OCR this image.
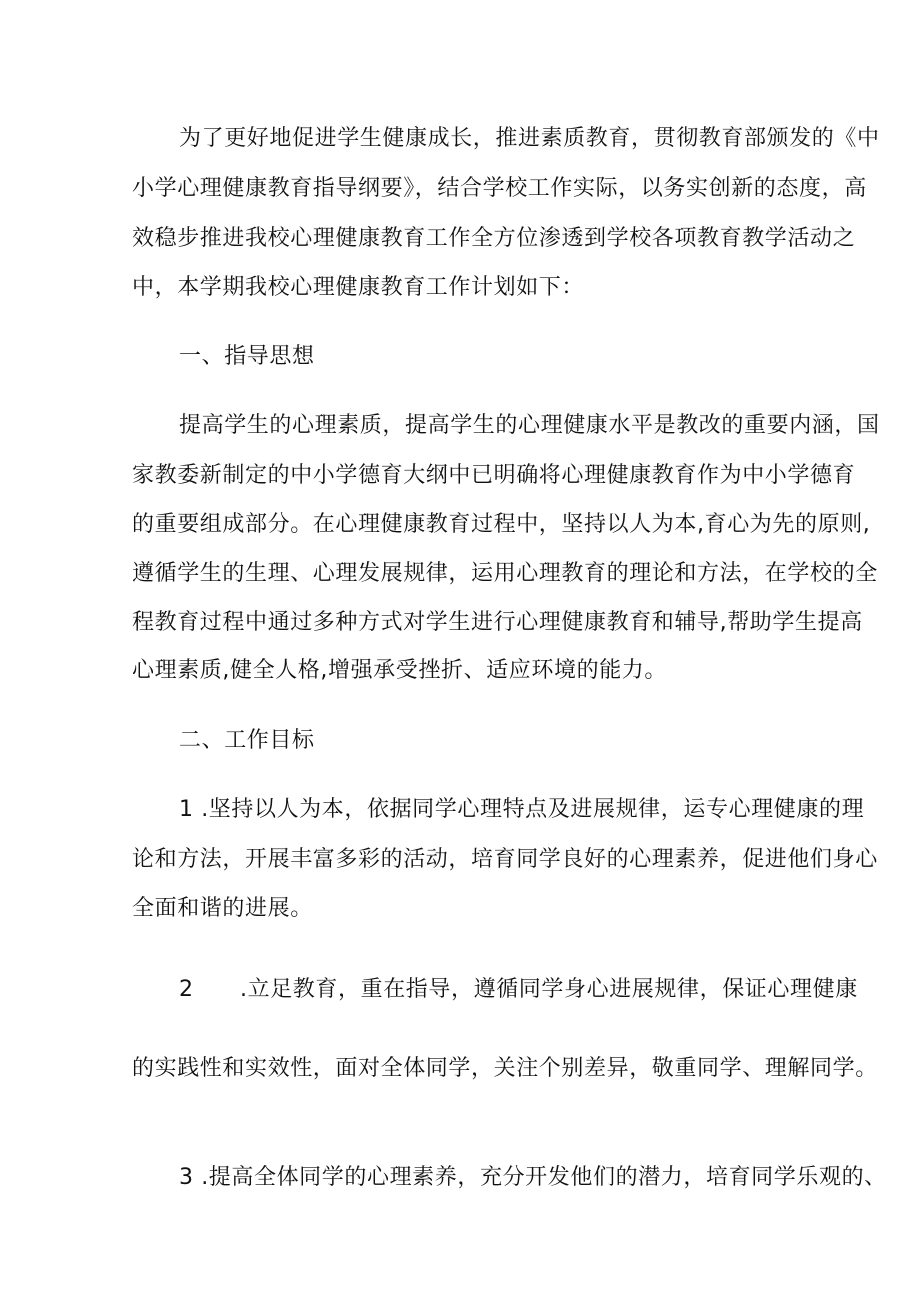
为了更好地促进学生健康成长，推进素质教育，贯彻教育部颁发的《中
小学心理健康教育指导纲要》，结合学校工作实际，以务实创新的态度，高
效稳步推进我校心理健康教育工作全方位渗透到学校各项教育教学活动之
中，本学期我校心理健康教育工作计划如下：
一、指导思想
提高学生的心理素质，提高学生的心理健康水平是教改的重要内涵，国
家教委新制定的中小学德育大纲中已明确将心理健康教育作为中小学德育
的重要组成部分。在心理健康教育过程中，坚持以人为本,育心为先的原则,
遵循学生的生理、心理发展规律，运用心理教育的理论和方法，在学校的全
程教育过程中通过多种方式对学生进行心理健康教育和辅导,帮助学生提高
心理素质,健全人格,增强承受挫折、适应环境的能力。
二、工作目标
1 .坚持以人为本，依据同学心理特点及进展规律，运专心理健康的理
论和方法，开展丰富多彩的活动，培育同学良好的心理素养，促进他们身心
全面和谐的进展。
2 .立足教育，重在指导，遵循同学身心进展规律，保证心理健康
的实践性和实效性，面对全体同学，关注个别差异，敬重同学、理解同学。
3 .提高全体同学的心理素养，充分开发他们的潜力，培育同学乐观的、
